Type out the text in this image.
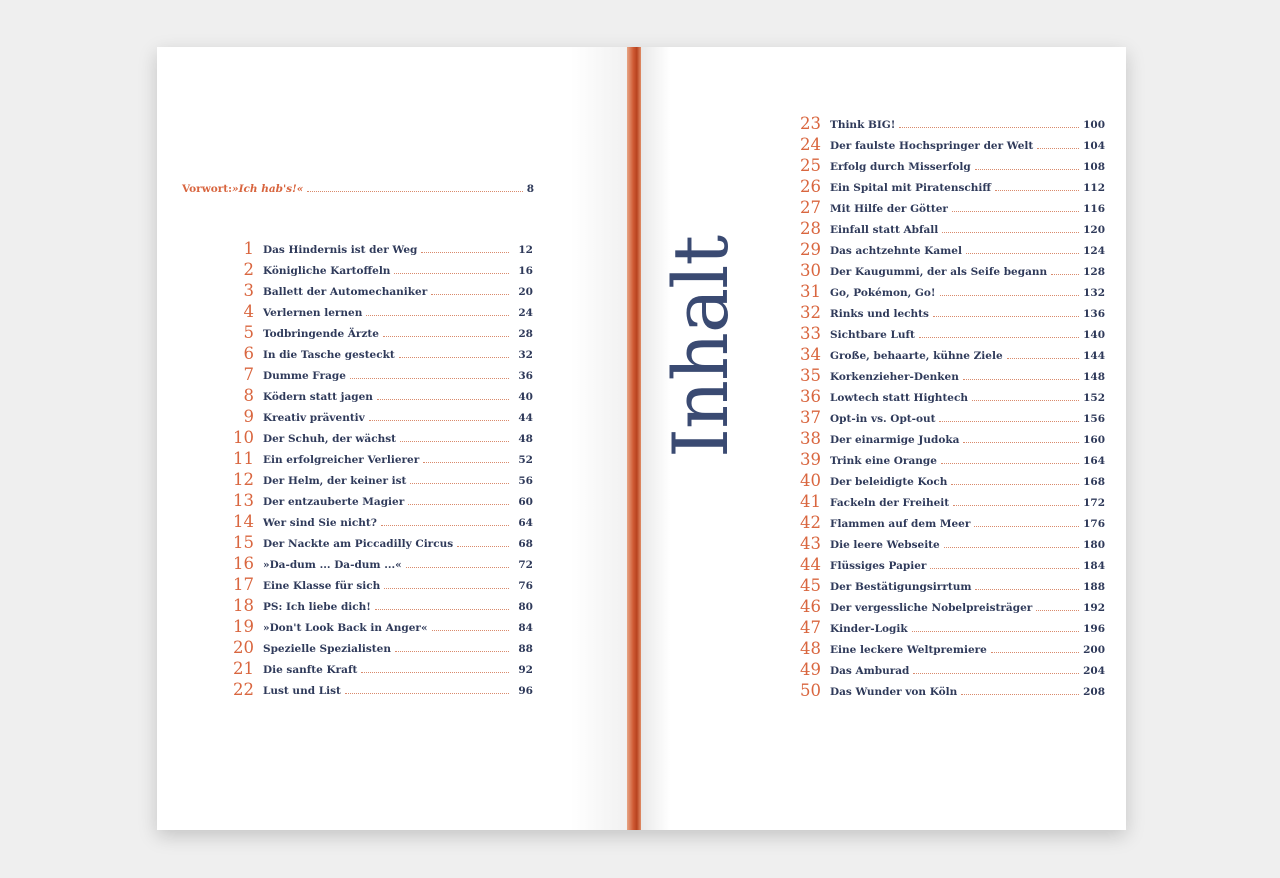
Vorwort: »Ich hab's!«	8
1 Das Hindernis ist der Weg	12
2 Königliche Kartoffeln	16
3 Ballett der Automechaniker	20
4 Verlernen lernen	24
5 Todbringende Ärzte	28
6 In die Tasche gesteckt	32
7 Dumme Frage	36
8 Ködern statt jagen	40
9 Kreativ präventiv	44
10 Der Schuh, der wächst	48
11 Ein erfolgreicher Verlierer	52
12 Der Helm, der keiner ist	56
13 Der entzauberte Magier	60
14 Wer sind Sie nicht?	64
15 Der Nackte am Piccadilly Circus	68
16 »Da-dum ... Da-dum ...«	72
17 Eine Klasse für sich	76
18 PS: Ich liebe dich!	80
19 »Don't Look Back in Anger«	84
20 Spezielle Spezialisten	88
21 Die sanfte Kraft	92
22 Lust und List	96
Inhalt
23 Think BIG!	100
24 Der faulste Hochspringer der Welt	104
25 Erfolg durch Misserfolg	108
26 Ein Spital mit Piratenschiff	112
27 Mit Hilfe der Götter	116
28 Einfall statt Abfall	120
29 Das achtzehnte Kamel	124
30 Der Kaugummi, der als Seife begann	128
31 Go, Pokémon, Go!	132
32 Rinks und lechts	136
33 Sichtbare Luft	140
34 Große, behaarte, kühne Ziele	144
35 Korkenzieher-Denken	148
36 Lowtech statt Hightech	152
37 Opt-in vs. Opt-out	156
38 Der einarmige Judoka	160
39 Trink eine Orange	164
40 Der beleidigte Koch	168
41 Fackeln der Freiheit	172
42 Flammen auf dem Meer	176
43 Die leere Webseite	180
44 Flüssiges Papier	184
45 Der Bestätigungsirrtum	188
46 Der vergessliche Nobelpreisträger	192
47 Kinder-Logik	196
48 Eine leckere Weltpremiere	200
49 Das Amburad	204
50 Das Wunder von Köln	208
